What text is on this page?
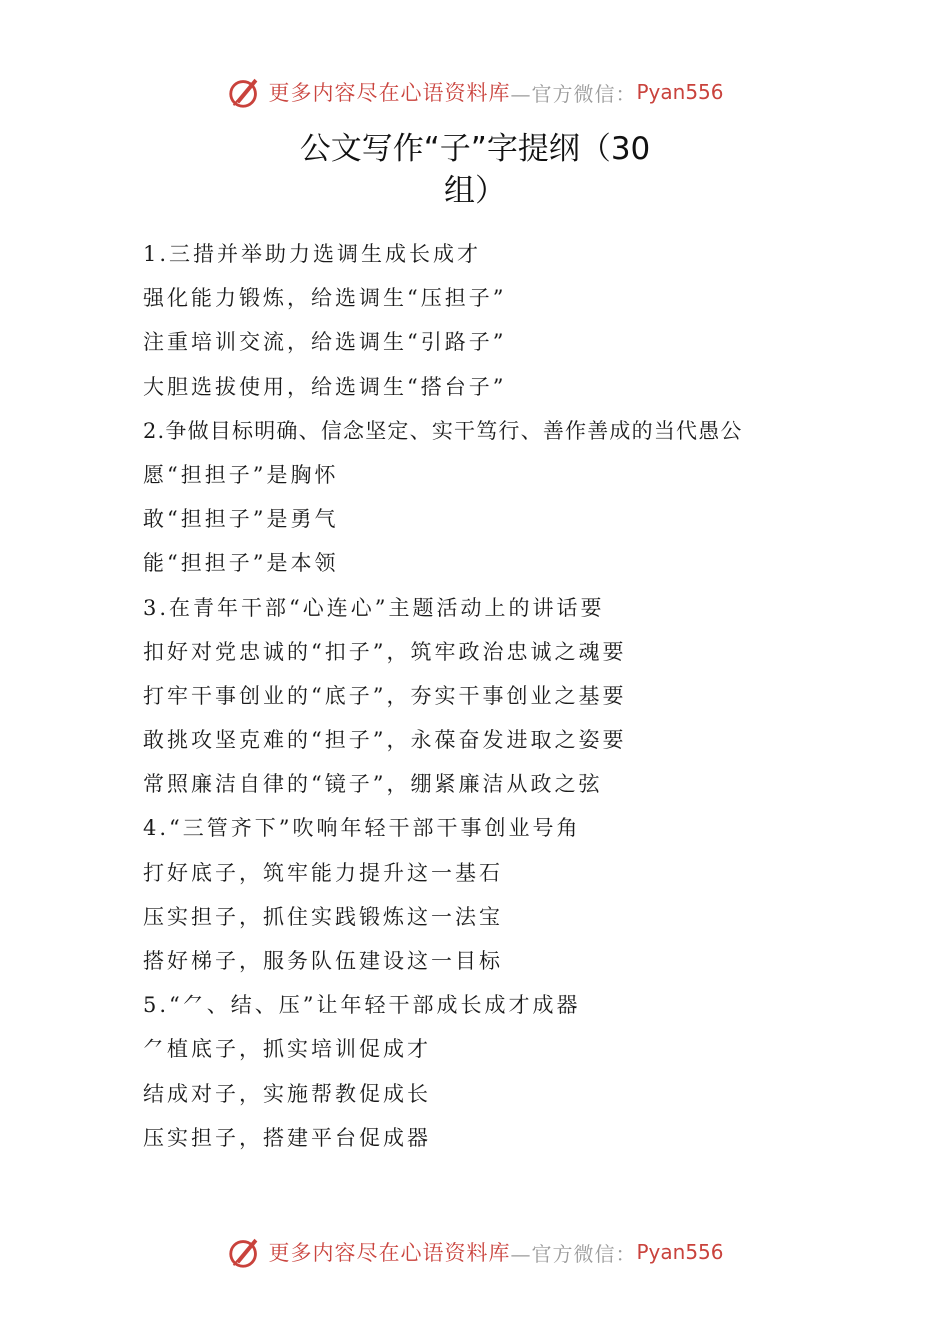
更多内容尽在心语资料库 —官方微信： Pyan556
公文写作“子”字提纲（30
组）
1.三措并举助力选调生成长成才
强化能力锻炼，给选调生“压担子”
注重培训交流，给选调生“引路子”
大胆选拔使用，给选调生“搭台子”
2.争做目标明确、信念坚定、实干笃行、善作善成的当代愚公
愿“担担子”是胸怀
敢“担担子”是勇气
能“担担子”是本领
3.在青年干部“心连心”主题活动上的讲话要
扣好对党忠诚的“扣子”，筑牢政治忠诚之魂要
打牢干事创业的“底子”，夯实干事创业之基要
敢挑攻坚克难的“担子”，永葆奋发进取之姿要
常照廉洁自律的“镜子”，绷紧廉洁从政之弦
4.“三管齐下”吹响年轻干部干事创业号角
打好底子，筑牢能力提升这一基石
压实担子，抓住实践锻炼这一法宝
搭好梯子，服务队伍建设这一目标
5.“⺈、结、压”让年轻干部成长成才成器
⺈植底子，抓实培训促成才
结成对子，实施帮教促成长
压实担子，搭建平台促成器
更多内容尽在心语资料库 —官方微信： Pyan556
